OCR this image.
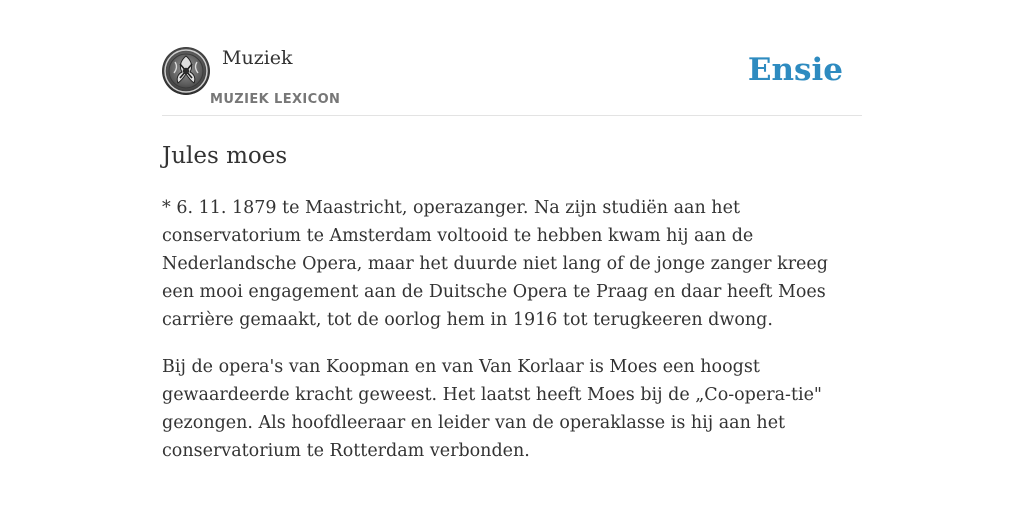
Muziek
MUZIEK LEXICON
Ensie
Jules moes

* 6. 11. 1879 te Maastricht, operazanger. Na zijn studiën aan het conservatorium te Amsterdam voltooid te hebben kwam hij aan de Nederlandsche Opera, maar het duurde niet lang of de jonge zanger kreeg een mooi engagement aan de Duitsche Opera te Praag en daar heeft Moes carrière gemaakt, tot de oorlog hem in 1916 tot terugkeeren dwong.

Bij de opera's van Koopman en van Van Korlaar is Moes een hoogst gewaardeerde kracht geweest. Het laatst heeft Moes bij de „Co-opera-tie" gezongen. Als hoofdleeraar en leider van de operaklasse is hij aan het conservatorium te Rotterdam verbonden.
